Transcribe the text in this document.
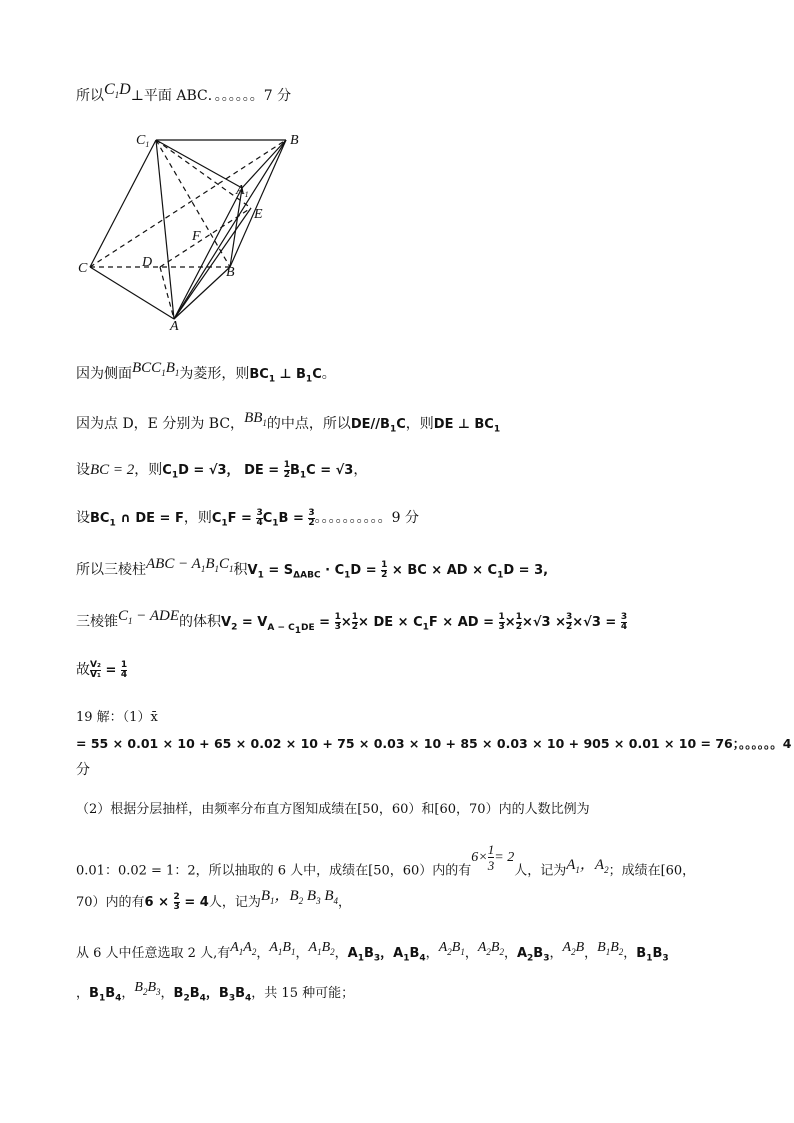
所以$C_1D\perp$平面 ABC．。。。。。。7 分
$C_1$	B
$A_1$
E
F
C	D
B
A
因为侧面$BCC_1B_1$为菱形，则$BC_1$ ⊥ $B_1C$。
因为点 D，E 分别为 BC，$BB_1$的中点，所以$DE//B_1C$，则DE ⊥ $BC_1$
设BC = 2，则$C_1D = √3$， DE = $\frac{1}{2} B_1C = √3$，
设$BC_1$ ∩ DE = F，则$C_1F = \frac{3}{4} C_1B = \frac{3}{2}$ 。。。。。。。。。。9 分
所以三棱柱ABC − $A_1B_1C_1$积$V_1 = S_{\Delta ABC} \cdot C_1D = \frac{1}{2}$ × BC × AD × $C_1D = 3$,
三棱锥$C_1$ − ADE的体积$V_2 = V_{A - C_1DE} = \frac{1}{3} \times \frac{1}{2}$ × DE × $C_1F$ × AD = $\frac{1}{3} \times \frac{1}{2} \times√3 \times \frac{3}{2} \times√3 = \frac{3}{4}$
故 $\frac{\text{V₂}}{\text{V₁}} = \frac{1}{4}$
19 解：（1）x̄
= 55 × 0.01 × 10 + 65 × 0.02 × 10 + 75 × 0.03 × 10 + 85 × 0.03 × 10 + 905 × 0.01 × 10 = 76；。。。。。。4
分
（2）根据分层抽样，由频率分布直方图知成绩在[50，60）和[60，70）内的人数比例为
0.01：0.02 = 1：2，所以抽取的 6 人中，成绩在[50，60）内的有$6\times \frac{1}{3} = 2$人，记为$A_1$，$A_2$；成绩在[60，
70）内的有$6 \times \frac{2}{3} = 4$人，记为$B_1$，$B_2$ $B_3$ $B_4$，
从 6 人中任意选取 2 人,有$A_1A_2$，$A_1B_1$，$A_1B_2$，$A_1B_3$，$A_1B_4$，$A_2B_1$，$A_2B_2$，$A_2B_3$，$A_2B$，$B_1B_2$，$B_1B_3$
，$B_1B_4$，$B_2B_3$，$B_2B_4$，$B_3B_4$，共 15 种可能；
